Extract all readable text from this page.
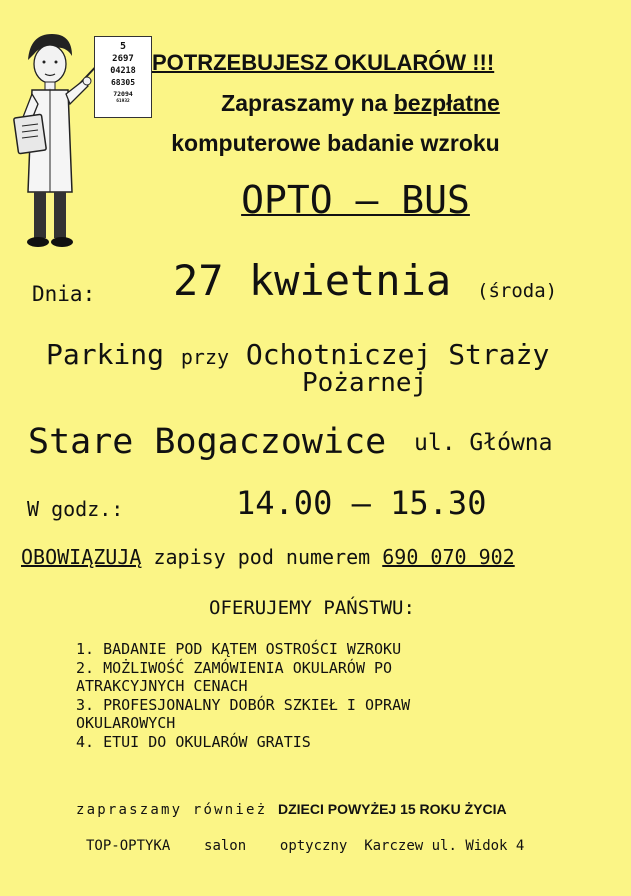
5
2697
04218
68305
72094
61932
POTRZEBUJESZ OKULARÓW !!!
Zapraszamy na bezpłatne
komputerowe badanie wzroku
OPTO – BUS
Dnia: 27 kwietnia (środa)
Parking przy Ochotniczej Straży
Pożarnej
Stare Bogaczowice ul. Główna
W godz.:	14.00 – 15.30
OBOWIĄZUJĄ zapisy pod numerem 690 070 902
OFERUJEMY PAŃSTWU:
1. BADANIE POD KĄTEM OSTROŚCI WZROKU
2. MOŻLIWOŚĆ ZAMÓWIENIA OKULARÓW PO
ATRAKCYJNYCH CENACH
3. PROFESJONALNY DOBÓR SZKIEŁ I OPRAW
OKULAROWYCH
4. ETUI DO OKULARÓW GRATIS
zapraszamy również DZIECI POWYŻEJ 15 ROKU ŻYCIA
TOP-OPTYKA salon optyczny Karczew ul. Widok 4
